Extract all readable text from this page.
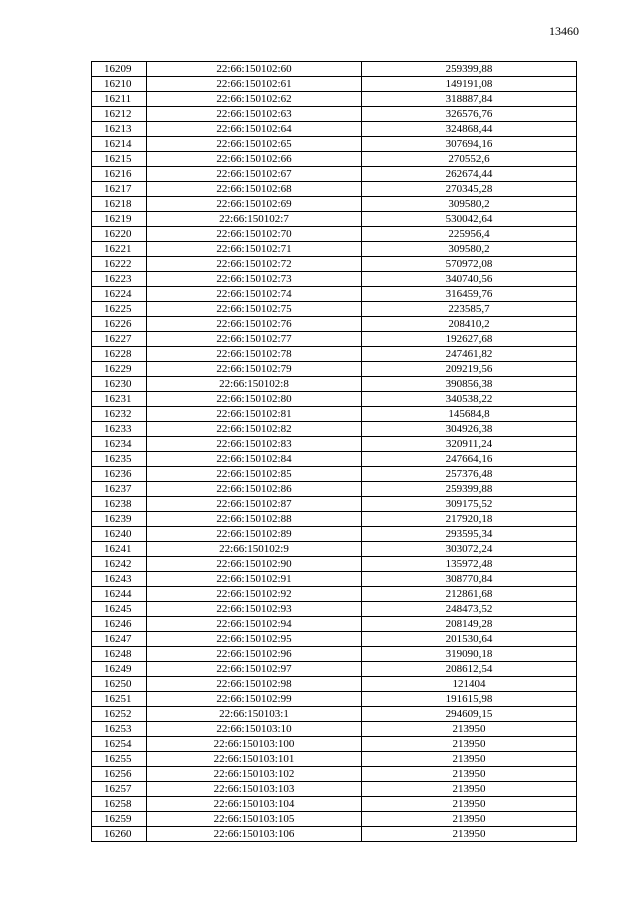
13460
16209	22:66:150102:60	259399,88
16210	22:66:150102:61	149191,08
16211	22:66:150102:62	318887,84
16212	22:66:150102:63	326576,76
16213	22:66:150102:64	324868,44
16214	22:66:150102:65	307694,16
16215	22:66:150102:66	270552,6
16216	22:66:150102:67	262674,44
16217	22:66:150102:68	270345,28
16218	22:66:150102:69	309580,2
16219	22:66:150102:7	530042,64
16220	22:66:150102:70	225956,4
16221	22:66:150102:71	309580,2
16222	22:66:150102:72	570972,08
16223	22:66:150102:73	340740,56
16224	22:66:150102:74	316459,76
16225	22:66:150102:75	223585,7
16226	22:66:150102:76	208410,2
16227	22:66:150102:77	192627,68
16228	22:66:150102:78	247461,82
16229	22:66:150102:79	209219,56
16230	22:66:150102:8	390856,38
16231	22:66:150102:80	340538,22
16232	22:66:150102:81	145684,8
16233	22:66:150102:82	304926,38
16234	22:66:150102:83	320911,24
16235	22:66:150102:84	247664,16
16236	22:66:150102:85	257376,48
16237	22:66:150102:86	259399,88
16238	22:66:150102:87	309175,52
16239	22:66:150102:88	217920,18
16240	22:66:150102:89	293595,34
16241	22:66:150102:9	303072,24
16242	22:66:150102:90	135972,48
16243	22:66:150102:91	308770,84
16244	22:66:150102:92	212861,68
16245	22:66:150102:93	248473,52
16246	22:66:150102:94	208149,28
16247	22:66:150102:95	201530,64
16248	22:66:150102:96	319090,18
16249	22:66:150102:97	208612,54
16250	22:66:150102:98	121404
16251	22:66:150102:99	191615,98
16252	22:66:150103:1	294609,15
16253	22:66:150103:10	213950
16254	22:66:150103:100	213950
16255	22:66:150103:101	213950
16256	22:66:150103:102	213950
16257	22:66:150103:103	213950
16258	22:66:150103:104	213950
16259	22:66:150103:105	213950
16260	22:66:150103:106	213950
